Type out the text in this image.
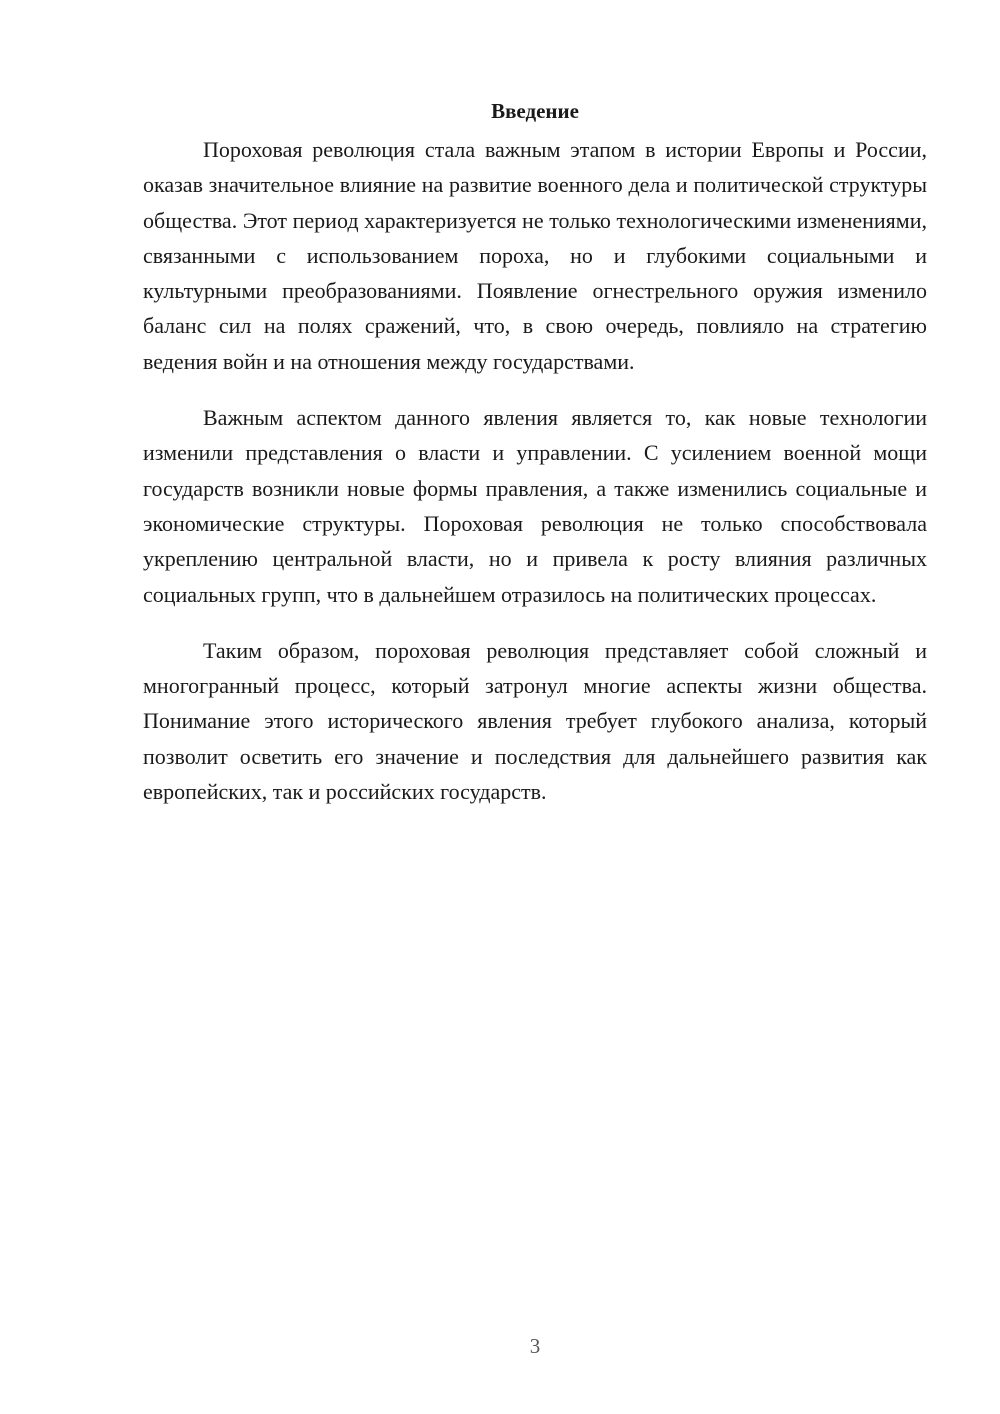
Введение

Пороховая революция стала важным этапом в истории Европы и России, оказав значительное влияние на развитие военного дела и политической структуры общества. Этот период характеризуется не только технологическими изменениями, связанными с использованием пороха, но и глубокими социальными и культурными преобразованиями. Появление огнестрельного оружия изменило баланс сил на полях сражений, что, в свою очередь, повлияло на стратегию ведения войн и на отношения между государствами.

Важным аспектом данного явления является то, как новые технологии изменили представления о власти и управлении. С усилением военной мощи государств возникли новые формы правления, а также изменились социальные и экономические структуры. Пороховая революция не только способствовала укреплению центральной власти, но и привела к росту влияния различных социальных групп, что в дальнейшем отразилось на политических процессах.

Таким образом, пороховая революция представляет собой сложный и многогранный процесс, который затронул многие аспекты жизни общества. Понимание этого исторического явления требует глубокого анализа, который позволит осветить его значение и последствия для дальнейшего развития как европейских, так и российских государств.

3
